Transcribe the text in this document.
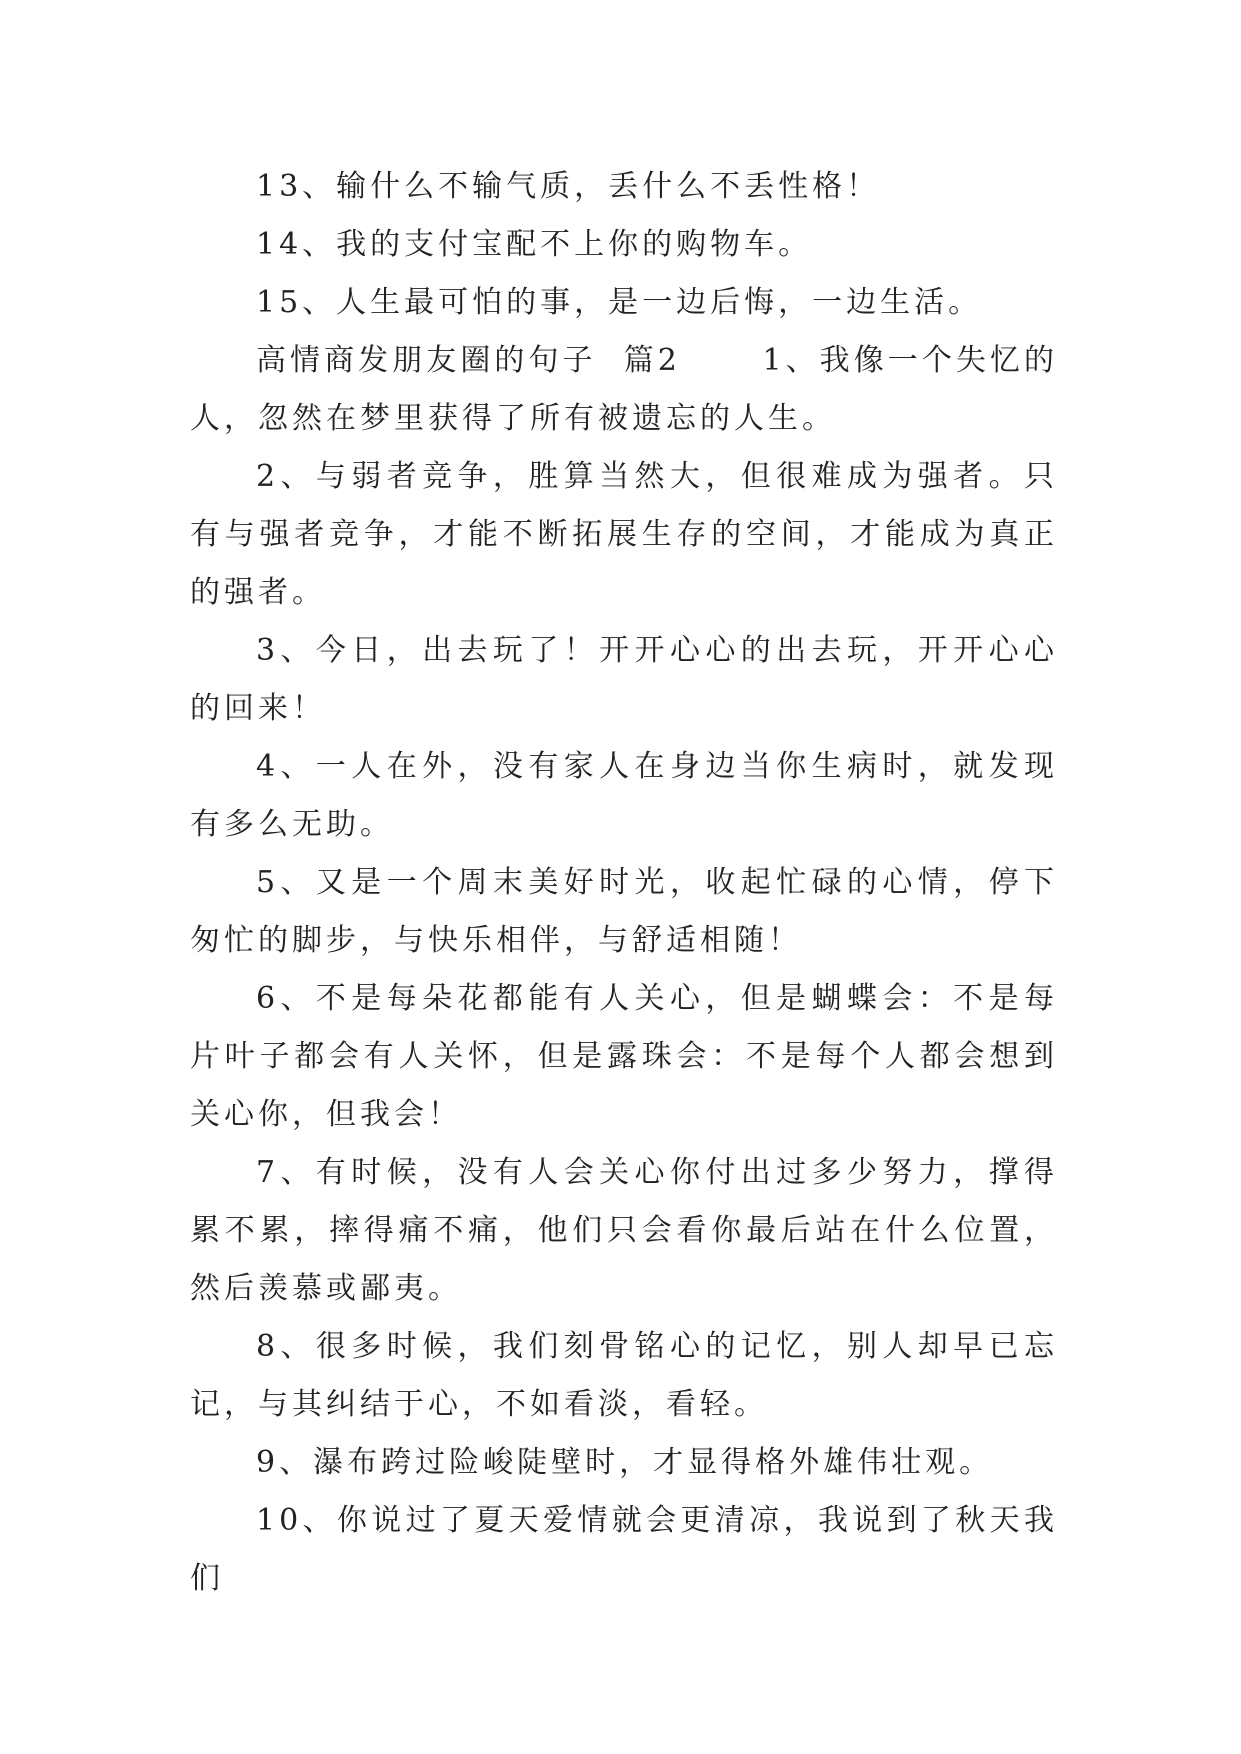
13、输什么不输气质，丢什么不丢性格！

14、我的支付宝配不上你的购物车。

15、人生最可怕的事，是一边后悔，一边生活。

高情商发朋友圈的句子  篇2      1、我像一个失忆的人，忽然在梦里获得了所有被遗忘的人生。

2、与弱者竞争，胜算当然大，但很难成为强者。只有与强者竞争，才能不断拓展生存的空间，才能成为真正的强者。

3、今日，出去玩了！开开心心的出去玩，开开心心的回来！

4、一人在外，没有家人在身边当你生病时，就发现有多么无助。

5、又是一个周末美好时光，收起忙碌的心情，停下匆忙的脚步，与快乐相伴，与舒适相随！

6、不是每朵花都能有人关心，但是蝴蝶会：不是每片叶子都会有人关怀，但是露珠会：不是每个人都会想到关心你，但我会！

7、有时候，没有人会关心你付出过多少努力，撑得累不累，摔得痛不痛，他们只会看你最后站在什么位置，然后羡慕或鄙夷。

8、很多时候，我们刻骨铭心的记忆，别人却早已忘记，与其纠结于心，不如看淡，看轻。

9、瀑布跨过险峻陡壁时，才显得格外雄伟壮观。

10、你说过了夏天爱情就会更清凉，我说到了秋天我们
